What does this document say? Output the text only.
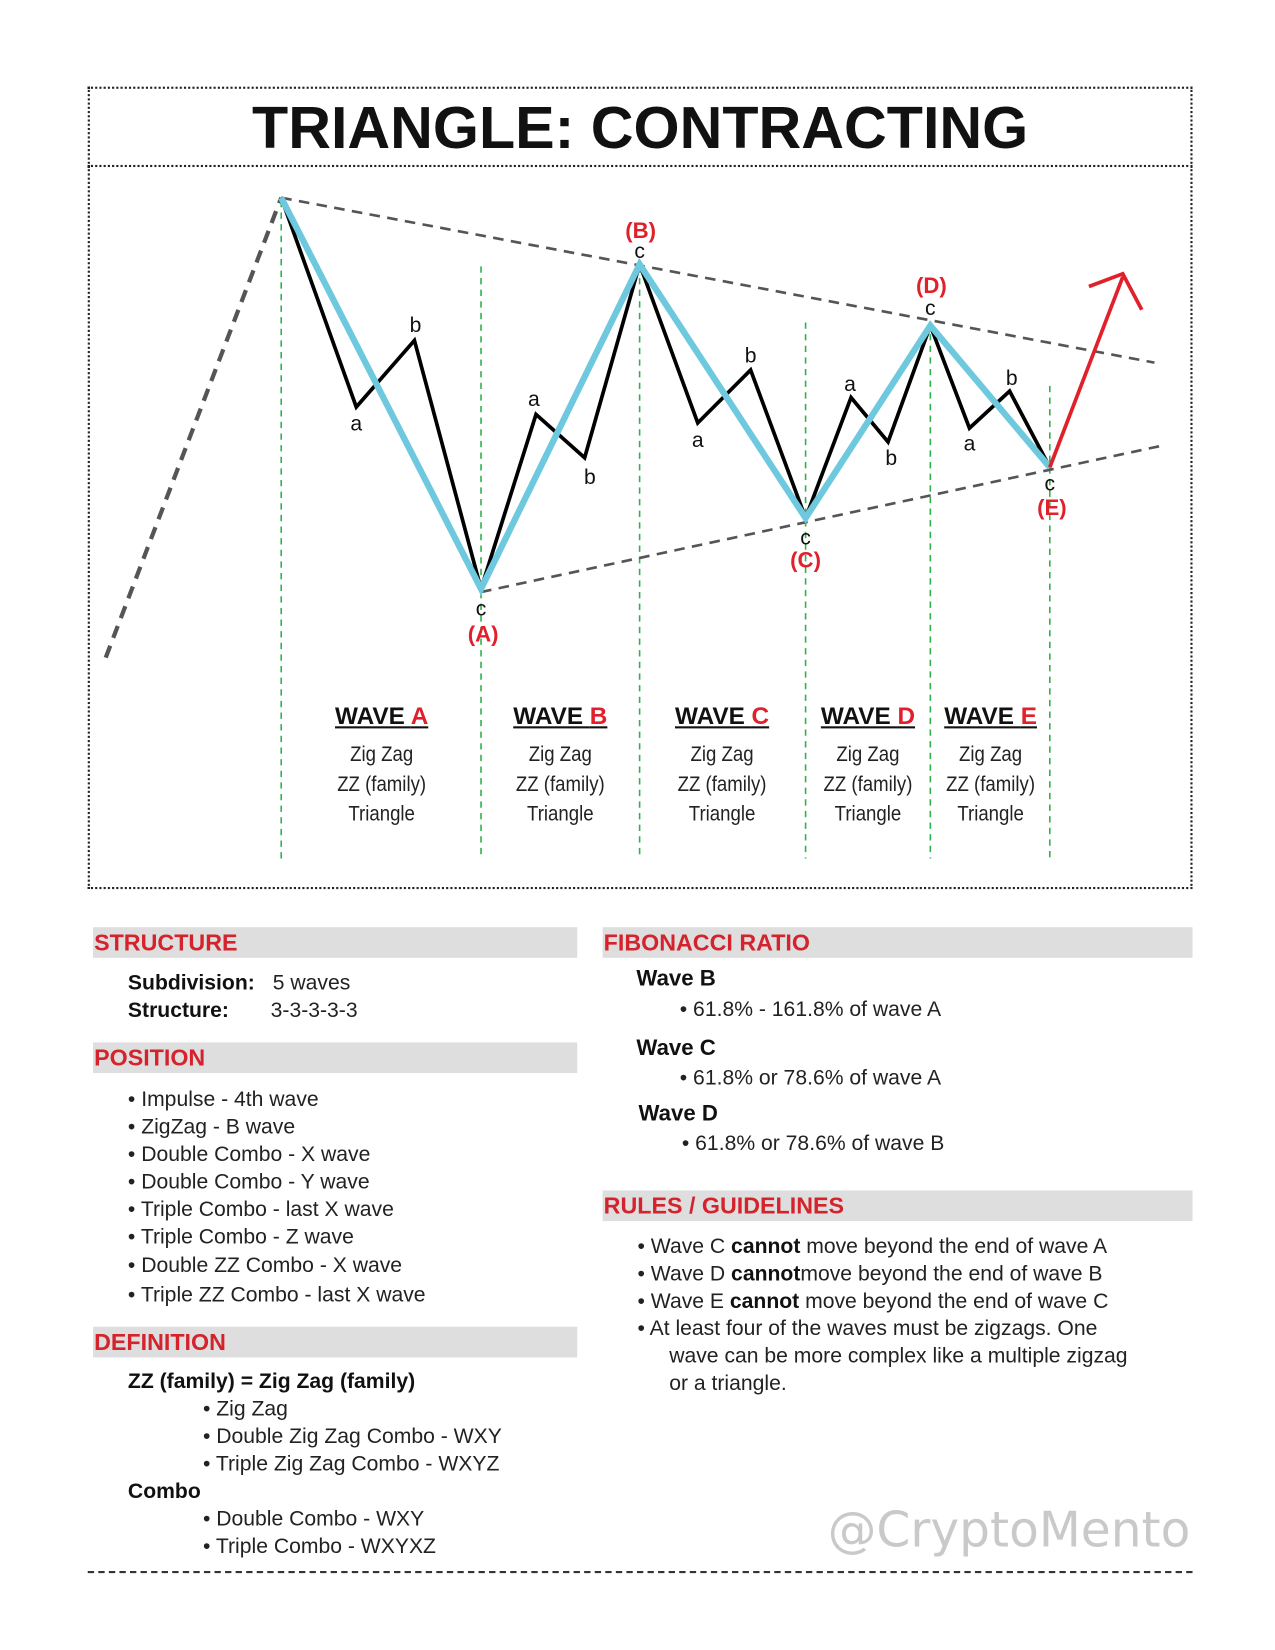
TRIANGLE: CONTRACTING
a
b
c
a
b
c
a
b
c
a
b
c
a
b
c
(A)
(B)
(C)
(D)
(E)
WAVE A
Zig Zag
ZZ (family)
Triangle
WAVE B
Zig Zag
ZZ (family)
Triangle
WAVE C
Zig Zag
ZZ (family)
Triangle
WAVE D
Zig Zag
ZZ (family)
Triangle
WAVE E
Zig Zag
ZZ (family)
Triangle
STRUCTURE
Subdivision: 5 waves
Structure: 3-3-3-3-3
POSITION
• Impulse - 4th wave
• ZigZag - B wave
• Double Combo - X wave
• Double Combo - Y wave
• Triple Combo - last X wave
• Triple Combo - Z wave
• Double ZZ Combo - X wave
• Triple ZZ Combo - last X wave
DEFINITION
ZZ (family) = Zig Zag (family)
• Zig Zag
• Double Zig Zag Combo - WXY
• Triple Zig Zag Combo - WXYZ
Combo
• Double Combo - WXY
• Triple Combo - WXYXZ
FIBONACCI RATIO
Wave B
• 61.8% - 161.8% of wave A
Wave C
• 61.8% or 78.6% of wave A
Wave D
• 61.8% or 78.6% of wave B
RULES / GUIDELINES
• Wave C cannot move beyond the end of wave A
• Wave D cannotmove beyond the end of wave B
• Wave E cannot move beyond the end of wave C
• At least four of the waves must be zigzags. One
wave can be more complex like a multiple zigzag
or a triangle.
@CryptoMento
